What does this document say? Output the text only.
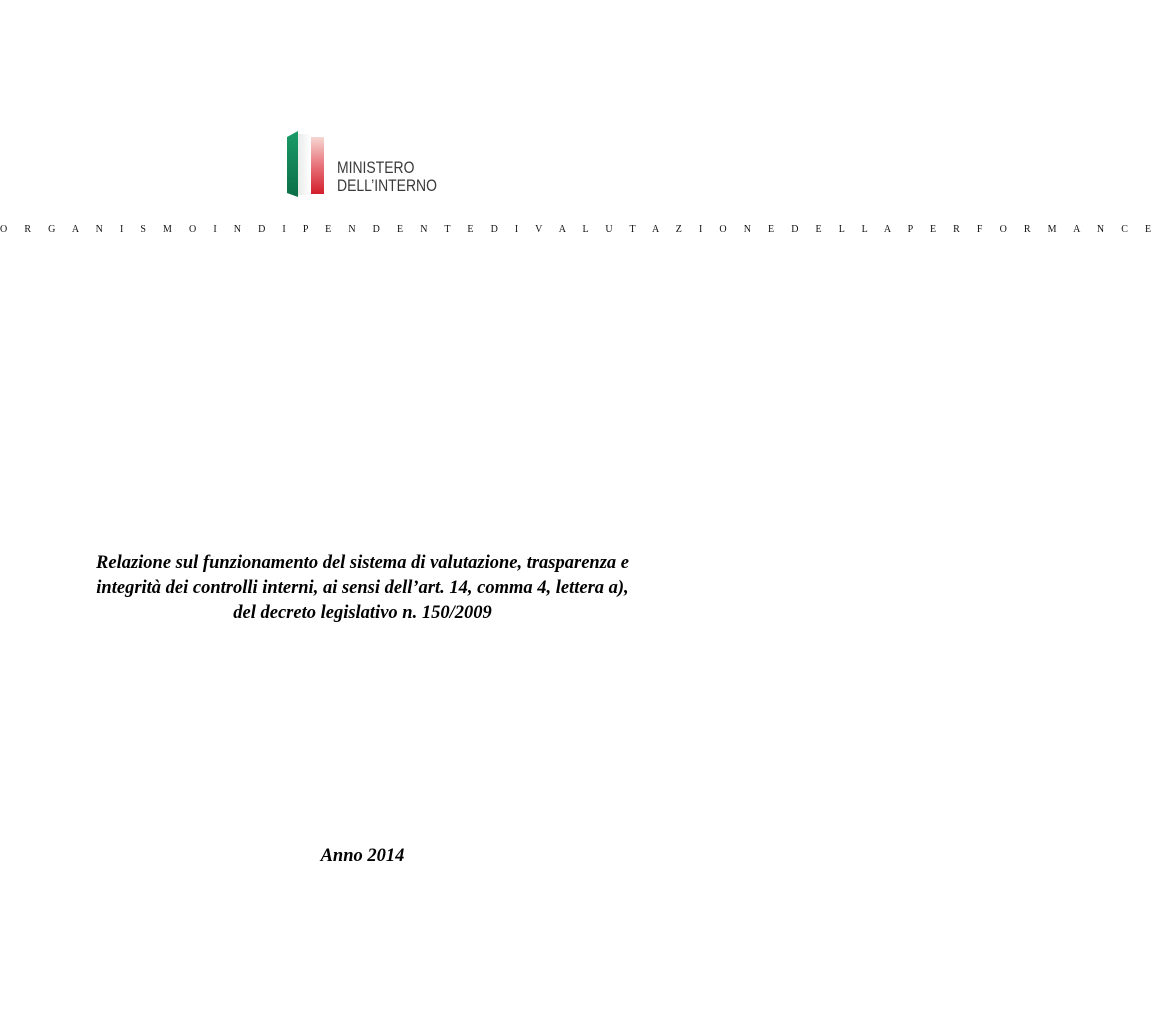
MINISTERO
DELL’INTERNO
O R G A N I S M O I N D I P E N D E N T E D I V A L U T A Z I O N E D E L L A P E R F O R M A N C E
Relazione sul funzionamento del sistema di valutazione, trasparenza e
integrità dei controlli interni, ai sensi dell’art. 14, comma 4, lettera a),
del decreto legislativo n. 150/2009
Anno 2014
